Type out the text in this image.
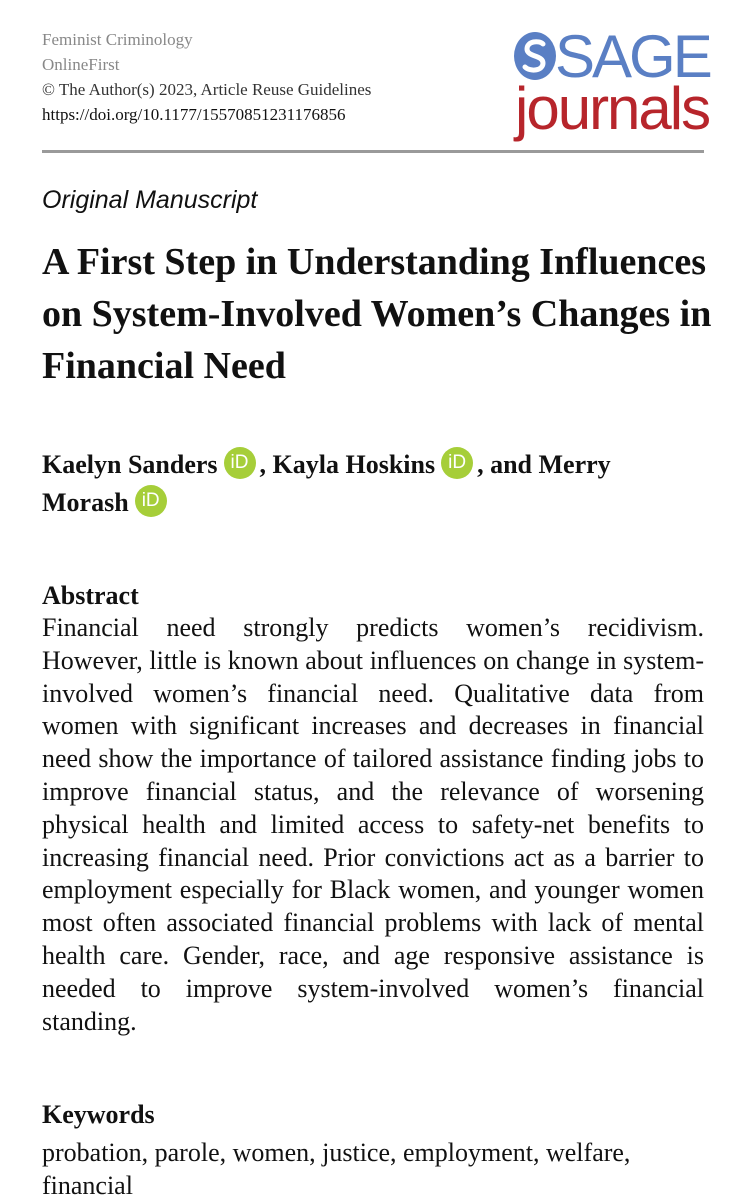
Feminist Criminology
OnlineFirst
© The Author(s) 2023, Article Reuse Guidelines
https://doi.org/10.1177/15570851231176856
SAGE
journals
Original Manuscript
A First Step in Understanding Influences on System-Involved Women’s Changes in Financial Need
Kaelyn Sanders iD , Kayla Hoskins iD , and Merry Morash iD
Abstract

Financial need strongly predicts women’s recidivism. However, little is known about influences on change in system-involved women’s financial need. Qualitative data from women with significant increases and decreases in financial need show the importance of tailored assistance finding jobs to improve financial status, and the relevance of worsening physical health and limited access to safety-net benefits to increasing financial need. Prior convictions act as a barrier to employment especially for Black women, and younger women most often associated financial problems with lack of mental health care. Gender, race, and age responsive assistance is needed to improve system-involved women’s financial standing.

Keywords

probation, parole, women, justice, employment, welfare, financial
